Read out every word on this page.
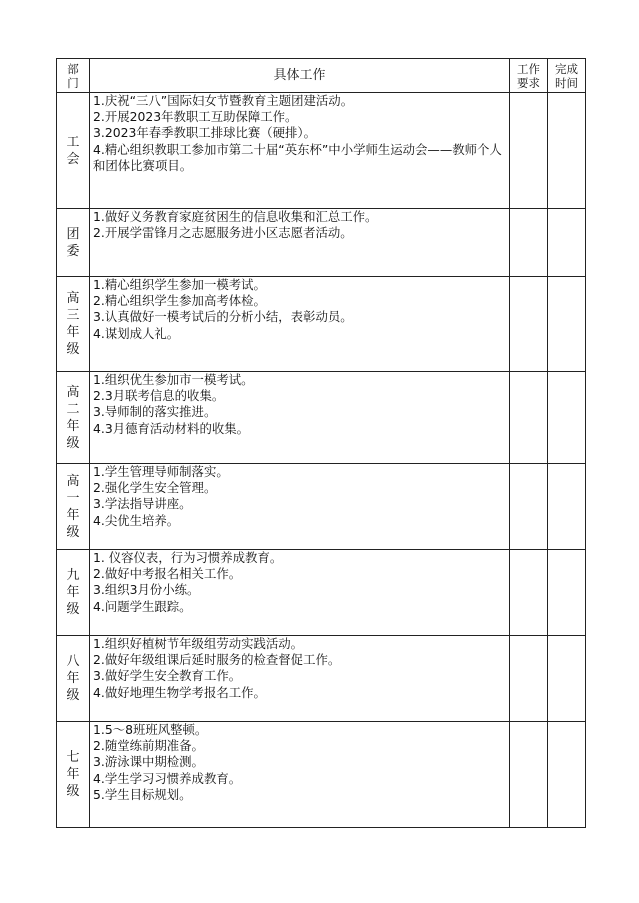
部门	具体工作	工作要求	完成时间

工会	1.庆祝“三八”国际妇女节暨教育主题团建活动。
2.开展2023年教职工互助保障工作。
3.2023年春季教职工排球比赛（硬排）。
4.精心组织教职工参加市第二十届“英东杯”中小学师生运动会——教师个人和团体比赛项目。		

团委	1.做好义务教育家庭贫困生的信息收集和汇总工作。
2.开展学雷锋月之志愿服务进小区志愿者活动。		

高三年级	1.精心组织学生参加一模考试。
2.精心组织学生参加高考体检。
3.认真做好一模考试后的分析小结，表彰动员。
4.谋划成人礼。		

高二年级	1.组织优生参加市一模考试。
2.3月联考信息的收集。
3.导师制的落实推进。
4.3月德育活动材料的收集。		

高一年级	1.学生管理导师制落实。
2.强化学生安全管理。
3.学法指导讲座。
4.尖优生培养。		

九年级	1. 仪容仪表，行为习惯养成教育。
2.做好中考报名相关工作。
3.组织3月份小练。
4.问题学生跟踪。		

八年级	1.组织好植树节年级组劳动实践活动。
2.做好年级组课后延时服务的检查督促工作。
3.做好学生安全教育工作。
4.做好地理生物学考报名工作。		

七年级	1.5～8班班风整顿。
2.随堂练前期准备。
3.游泳课中期检测。
4.学生学习习惯养成教育。
5.学生目标规划。		
